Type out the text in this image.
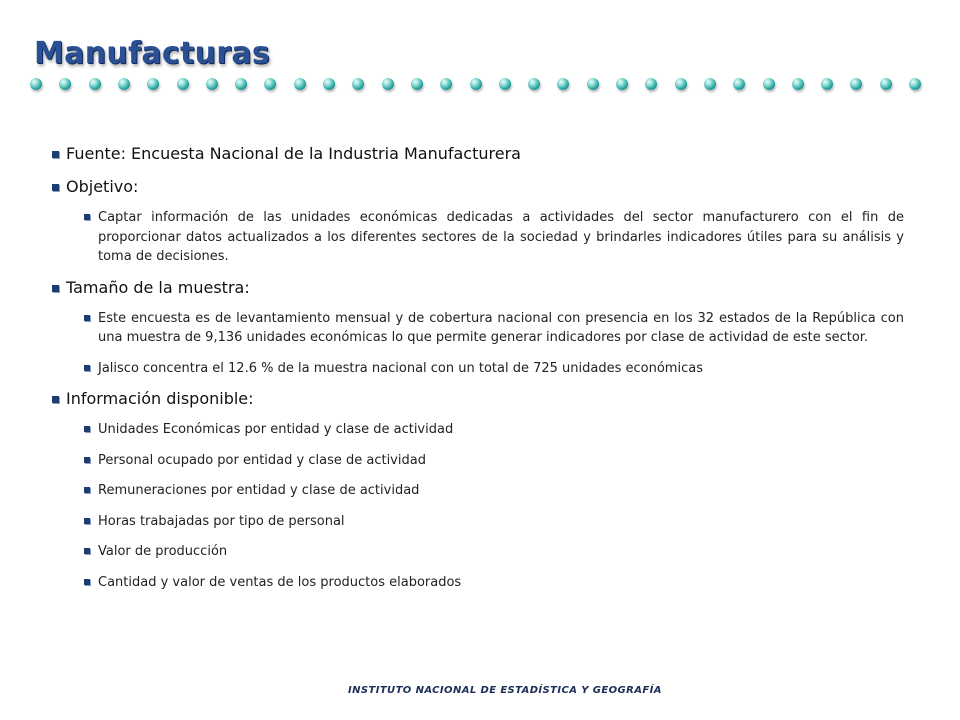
Manufacturas
Fuente: Encuesta Nacional de la Industria Manufacturera
Objetivo:
Captar información de las unidades económicas dedicadas a actividades del sector manufacturero con el fin de proporcionar datos actualizados a los diferentes sectores de la sociedad y brindarles indicadores útiles para su análisis y toma de decisiones.
Tamaño de la muestra:
Este encuesta es de levantamiento mensual y de cobertura nacional con presencia en los 32 estados de la República con una muestra de 9,136 unidades económicas lo que permite generar indicadores por clase de actividad de este sector.
Jalisco concentra el 12.6 % de la muestra nacional con un total de 725 unidades económicas
Información disponible:
Unidades Económicas por entidad y clase de actividad
Personal ocupado por entidad y clase de actividad
Remuneraciones por entidad y clase de actividad
Horas trabajadas por tipo de personal
Valor de producción
Cantidad y valor de ventas de los productos elaborados
INSTITUTO NACIONAL DE ESTADÍSTICA Y GEOGRAFÍA
